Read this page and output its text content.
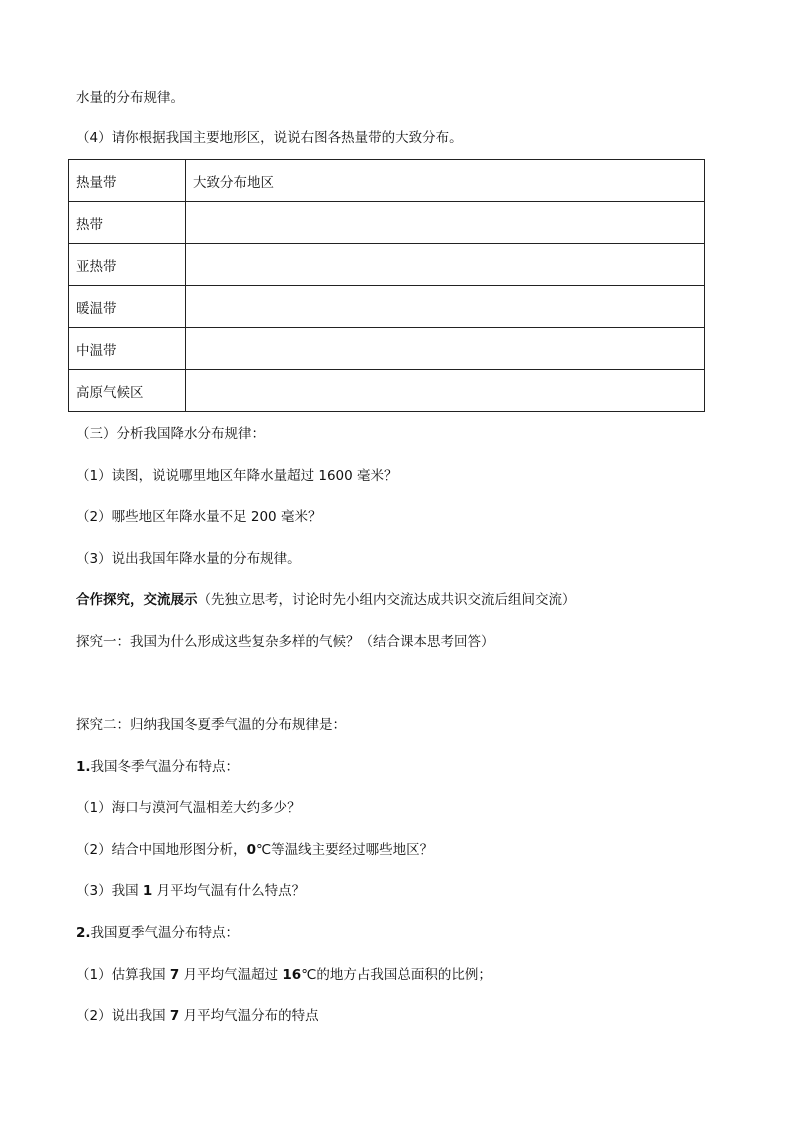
水量的分布规律。
（4）请你根据我国主要地形区，说说右图各热量带的大致分布。
热量带	大致分布地区
热带	
亚热带	
暖温带	
中温带	
高原气候区	
（三）分析我国降水分布规律：
（1）读图，说说哪里地区年降水量超过 1600 毫米？
（2）哪些地区年降水量不足 200 毫米？
（3）说出我国年降水量的分布规律。
合作探究，交流展示（先独立思考，讨论时先小组内交流达成共识交流后组间交流）
探究一：我国为什么形成这些复杂多样的气候？（结合课本思考回答）
探究二：归纳我国冬夏季气温的分布规律是：
1.我国冬季气温分布特点：
（1）海口与漠河气温相差大约多少？
（2）结合中国地形图分析，0℃等温线主要经过哪些地区？
（3）我国 1 月平均气温有什么特点？
2.我国夏季气温分布特点：
（1）估算我国 7 月平均气温超过 16℃的地方占我国总面积的比例；
（2）说出我国 7 月平均气温分布的特点
